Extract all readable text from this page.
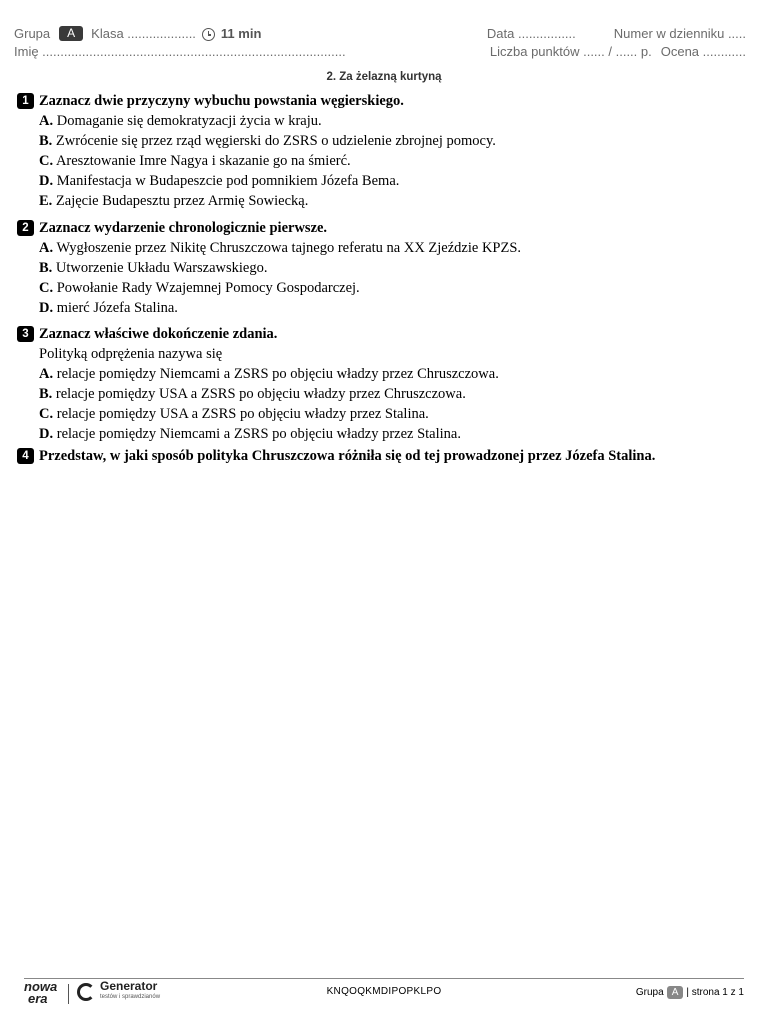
Grupa	A	Klasa ................... 11 min
Imię ....................................................................................
Data ................	Numer w dzienniku .....
Liczba punktów ...... / ...... p. Ocena ............
2. Za żelazną kurtyną
1 Zaznacz dwie przyczyny wybuchu powstania węgierskiego.
A. Domaganie się demokratyzacji życia w kraju.
B. Zwrócenie się przez rząd węgierski do ZSRS o udzielenie zbrojnej pomocy.
C. Aresztowanie Imre Nagya i skazanie go na śmierć.
D. Manifestacja w Budapeszcie pod pomnikiem Józefa Bema.
E. Zajęcie Budapesztu przez Armię Sowiecką.
2 Zaznacz wydarzenie chronologicznie pierwsze.
A. Wygłoszenie przez Nikitę Chruszczowa tajnego referatu na XX Zjeździe KPZS.
B. Utworzenie Układu Warszawskiego.
C. Powołanie Rady Wzajemnej Pomocy Gospodarczej.
D. mierć Józefa Stalina.
3 Zaznacz właściwe dokończenie zdania.
Polityką odprężenia nazywa się
A. relacje pomiędzy Niemcami a ZSRS po objęciu władzy przez Chruszczowa.
B. relacje pomiędzy USA a ZSRS po objęciu władzy przez Chruszczowa.
C. relacje pomiędzy USA a ZSRS po objęciu władzy przez Stalina.
D. relacje pomiędzy Niemcami a ZSRS po objęciu władzy przez Stalina.
4 Przedstaw, w jaki sposób polityka Chruszczowa różniła się od tej prowadzonej przez Józefa Stalina.
nowa
era
Generator
testów i sprawdzianów	KNQOQKMDIPOPKLPO	Grupa A | strona 1 z 1
